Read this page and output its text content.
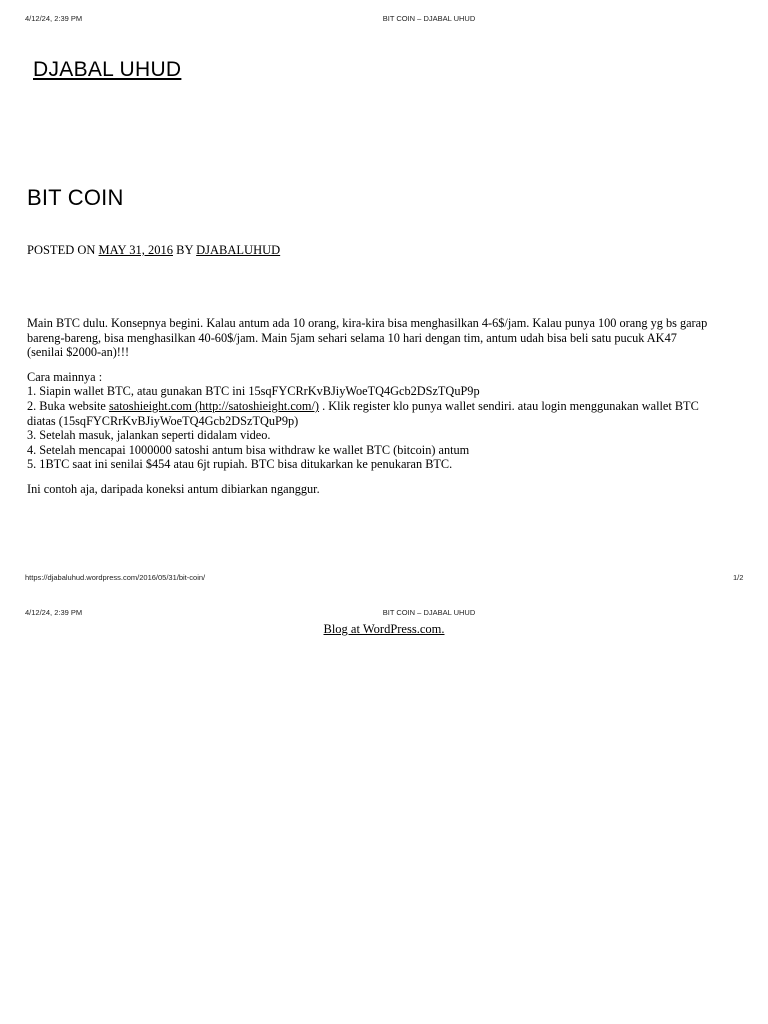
4/12/24, 2:39 PM	BIT COIN – DJABAL UHUD
DJABAL UHUD
BIT COIN
POSTED ON MAY 31, 2016 BY DJABALUHUD

Main BTC dulu. Konsepnya begini. Kalau antum ada 10 orang, kira-kira bisa menghasilkan 4-6$/jam. Kalau punya 100 orang yg bs garap

bareng-bareng, bisa menghasilkan 40-60$/jam. Main 5jam sehari selama 10 hari dengan tim, antum udah bisa beli satu pucuk AK47

(senilai $2000-an)!!!

Cara mainnya :

1. Siapin wallet BTC, atau gunakan BTC ini 15sqFYCRrKvBJiyWoeTQ4Gcb2DSzTQuP9p

2. Buka website satoshieight.com (http://satoshieight.com/) . Klik register klo punya wallet sendiri. atau login menggunakan wallet BTC

diatas (15sqFYCRrKvBJiyWoeTQ4Gcb2DSzTQuP9p)

3. Setelah masuk, jalankan seperti didalam video.

4. Setelah mencapai 1000000 satoshi antum bisa withdraw ke wallet BTC (bitcoin) antum

5. 1BTC saat ini senilai $454 atau 6jt rupiah. BTC bisa ditukarkan ke penukaran BTC.

Ini contoh aja, daripada koneksi antum dibiarkan nganggur.

https://djabaluhud.wordpress.com/2016/05/31/bit-coin/	1/2
4/12/24, 2:39 PM	BIT COIN – DJABAL UHUD
Blog at WordPress.com.
